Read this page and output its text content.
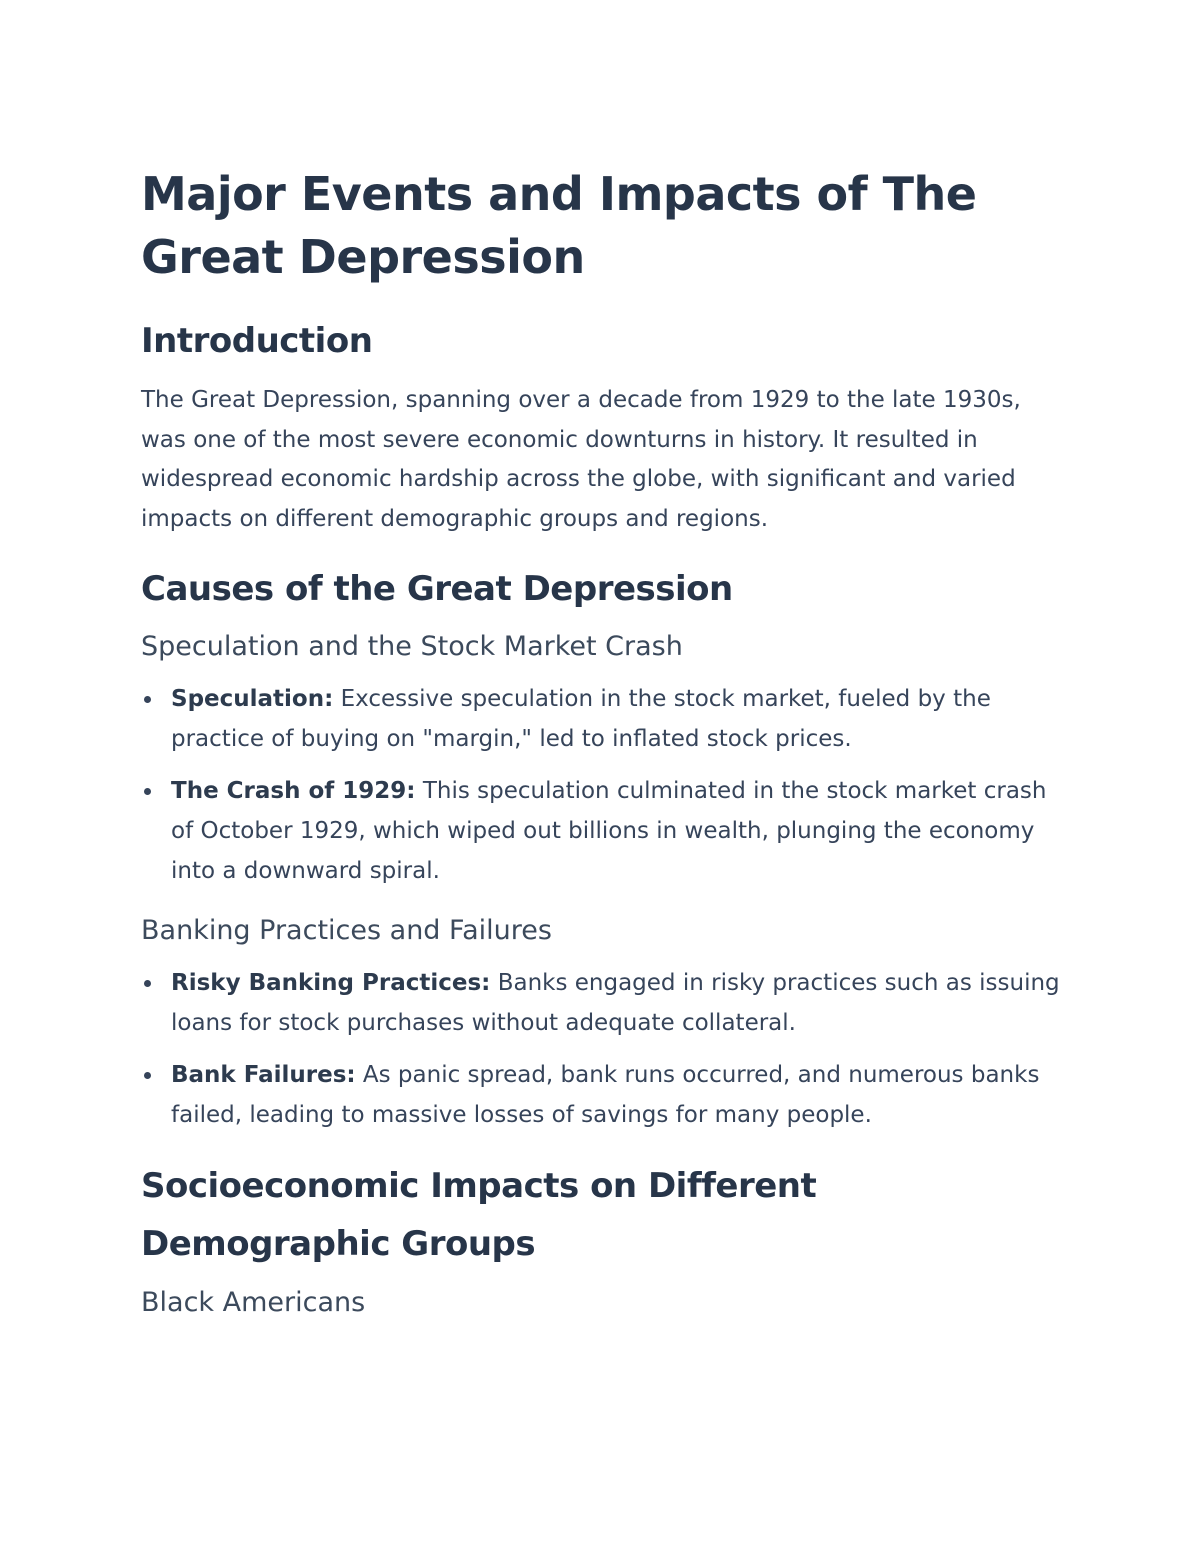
Major Events and Impacts of The Great Depression
Introduction

The Great Depression, spanning over a decade from 1929 to the late 1930s, was one of the most severe economic downturns in history. It resulted in widespread economic hardship across the globe, with significant and varied impacts on different demographic groups and regions.

Causes of the Great Depression
Speculation and the Stock Market Crash
Speculation: Excessive speculation in the stock market, fueled by the practice of buying on "margin," led to inflated stock prices.
The Crash of 1929: This speculation culminated in the stock market crash of October 1929, which wiped out billions in wealth, plunging the economy into a downward spiral.
Banking Practices and Failures
Risky Banking Practices: Banks engaged in risky practices such as issuing loans for stock purchases without adequate collateral.
Bank Failures: As panic spread, bank runs occurred, and numerous banks failed, leading to massive losses of savings for many people.
Socioeconomic Impacts on Different Demographic Groups
Black Americans
